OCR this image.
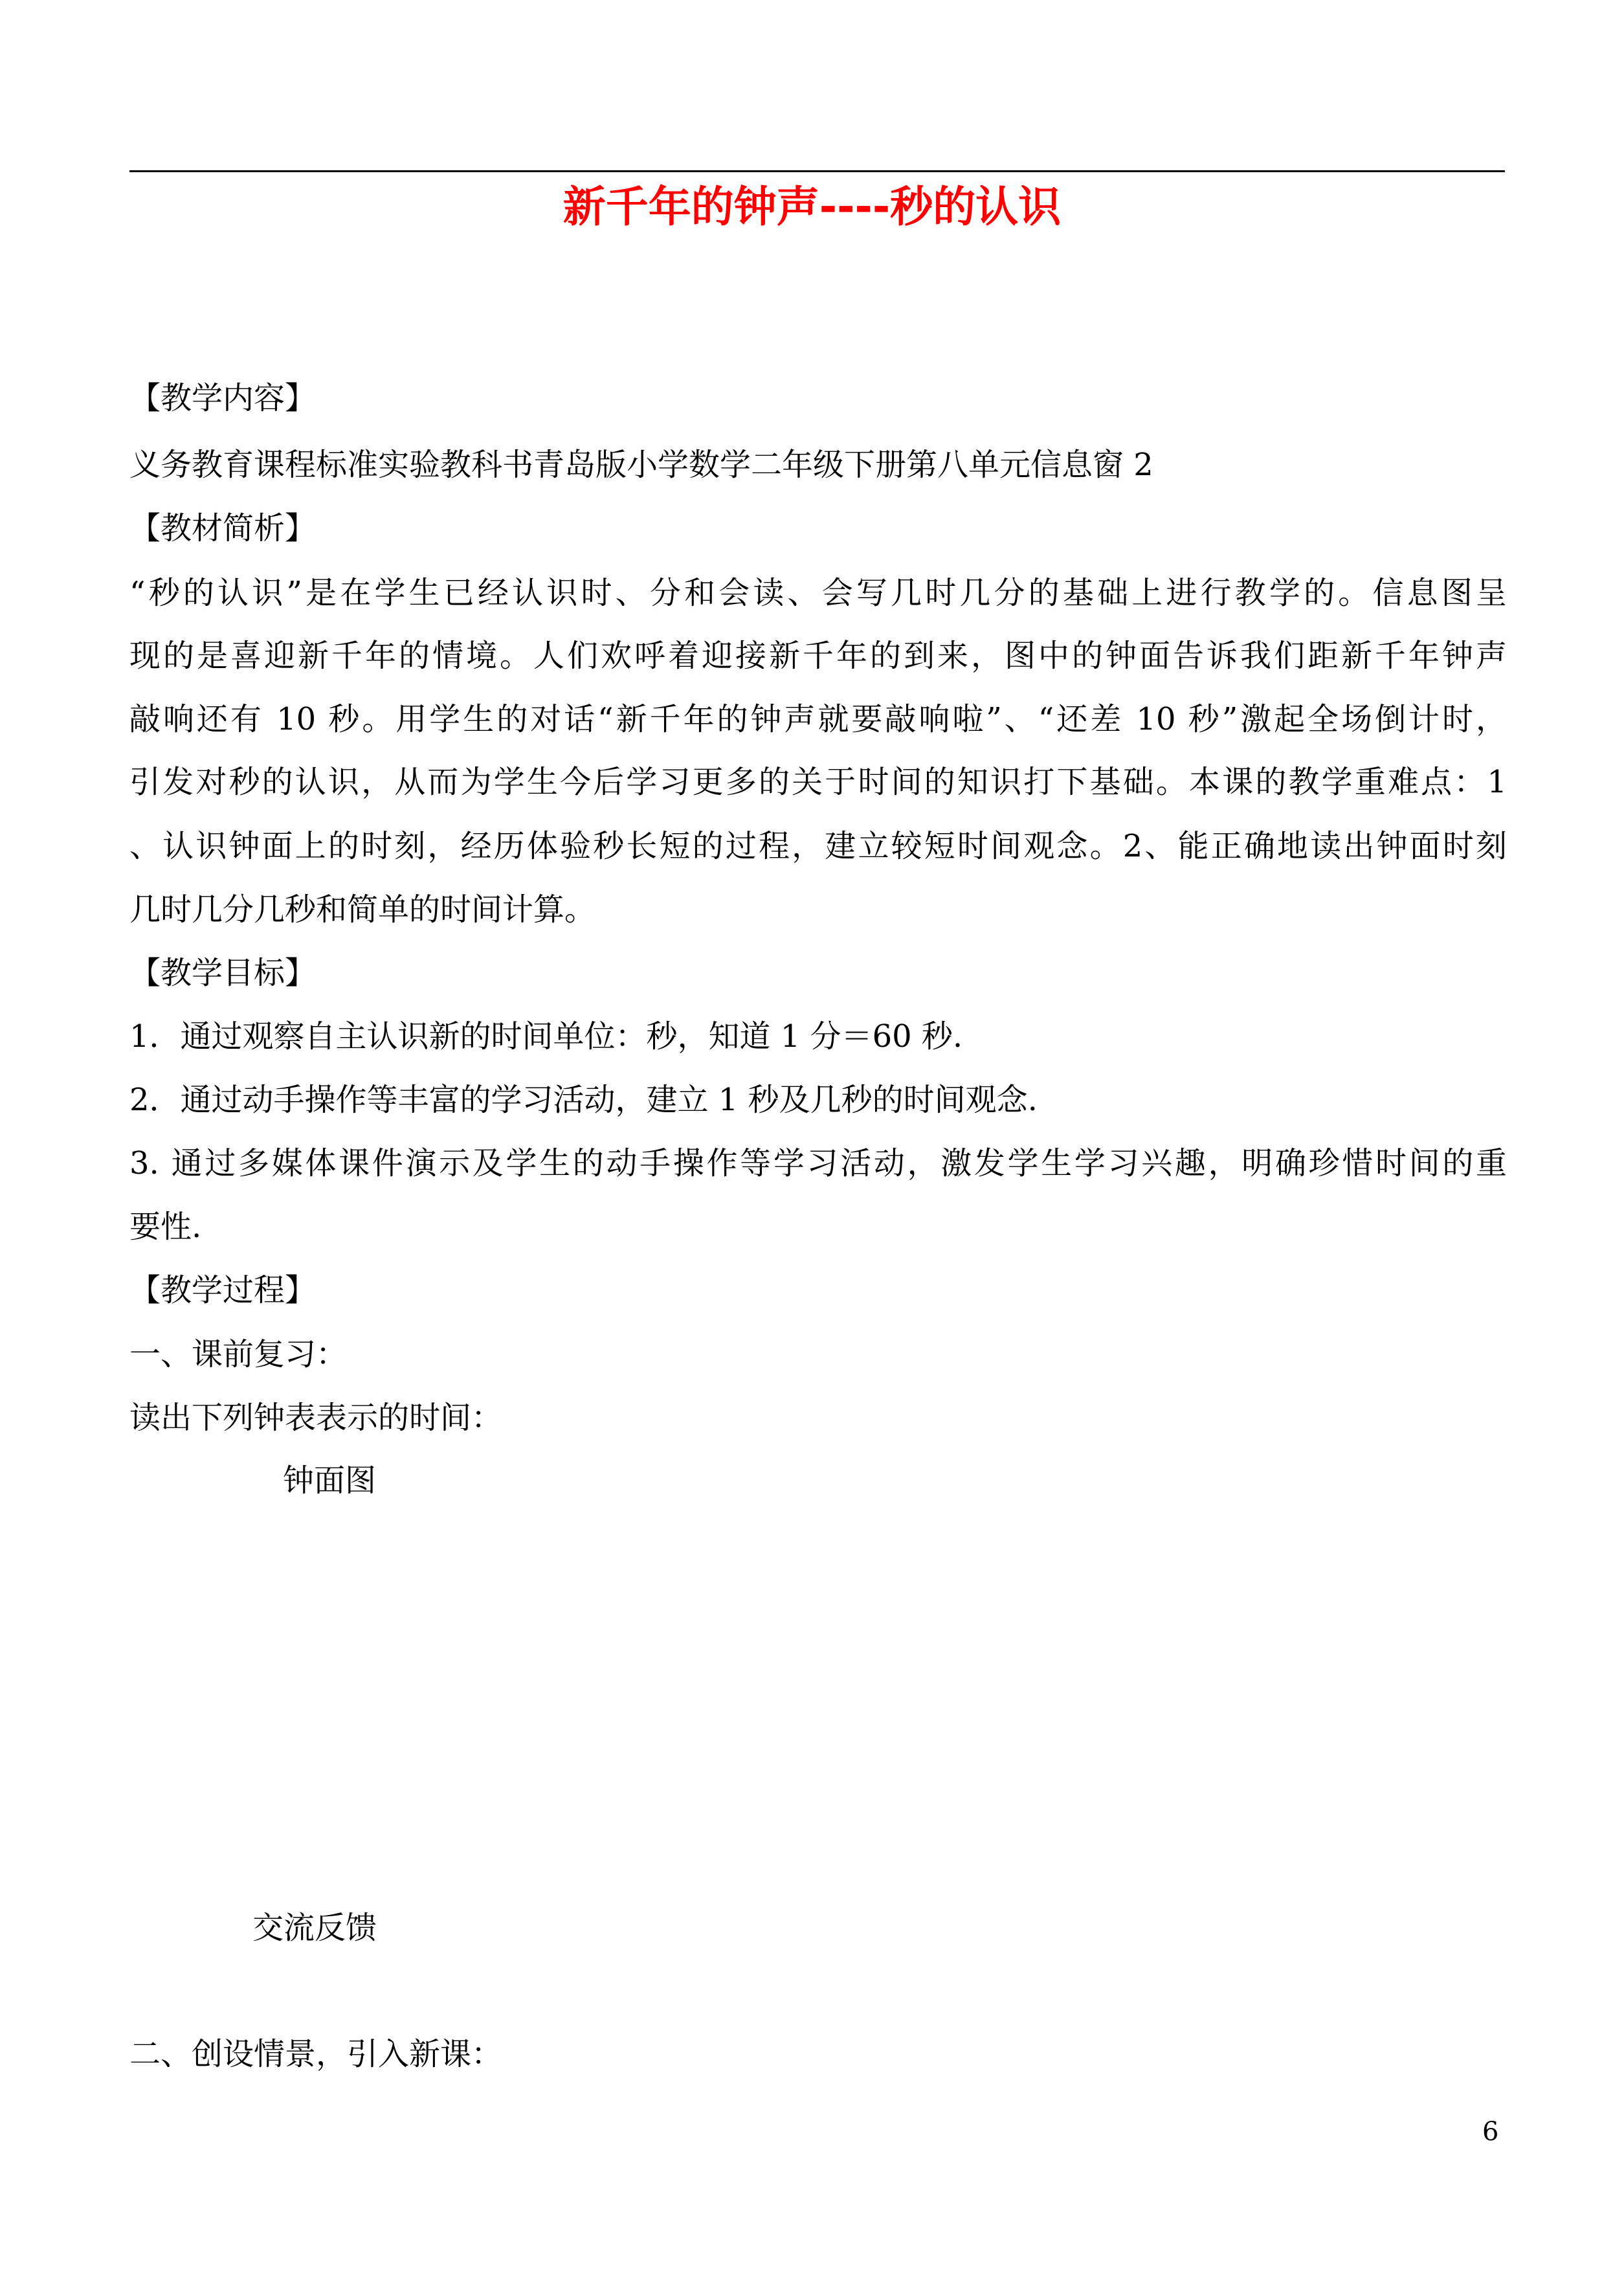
新千年的钟声----秒的认识
【教学内容】
义务教育课程标准实验教科书青岛版小学数学二年级下册第八单元信息窗 2
【教材简析】
“秒的认识”是在学生已经认识时、分和会读、会写几时几分的基础上进行教学的。信息图呈
现的是喜迎新千年的情境。人们欢呼着迎接新千年的到来，图中的钟面告诉我们距新千年钟声
敲响还有 10 秒。用学生的对话“新千年的钟声就要敲响啦”、“还差 10 秒”激起全场倒计时，
引发对秒的认识，从而为学生今后学习更多的关于时间的知识打下基础。本课的教学重难点：1
、认识钟面上的时刻，经历体验秒长短的过程，建立较短时间观念。2、能正确地读出钟面时刻
几时几分几秒和简单的时间计算。
【教学目标】
1．通过观察自主认识新的时间单位：秒，知道 1 分＝60 秒.
2．通过动手操作等丰富的学习活动，建立 1 秒及几秒的时间观念.
3. 通过多媒体课件演示及学生的动手操作等学习活动，激发学生学习兴趣，明确珍惜时间的重
要性.
【教学过程】
一、课前复习：
读出下列钟表表示的时间：
钟面图
交流反馈
二、创设情景，引入新课：
6
